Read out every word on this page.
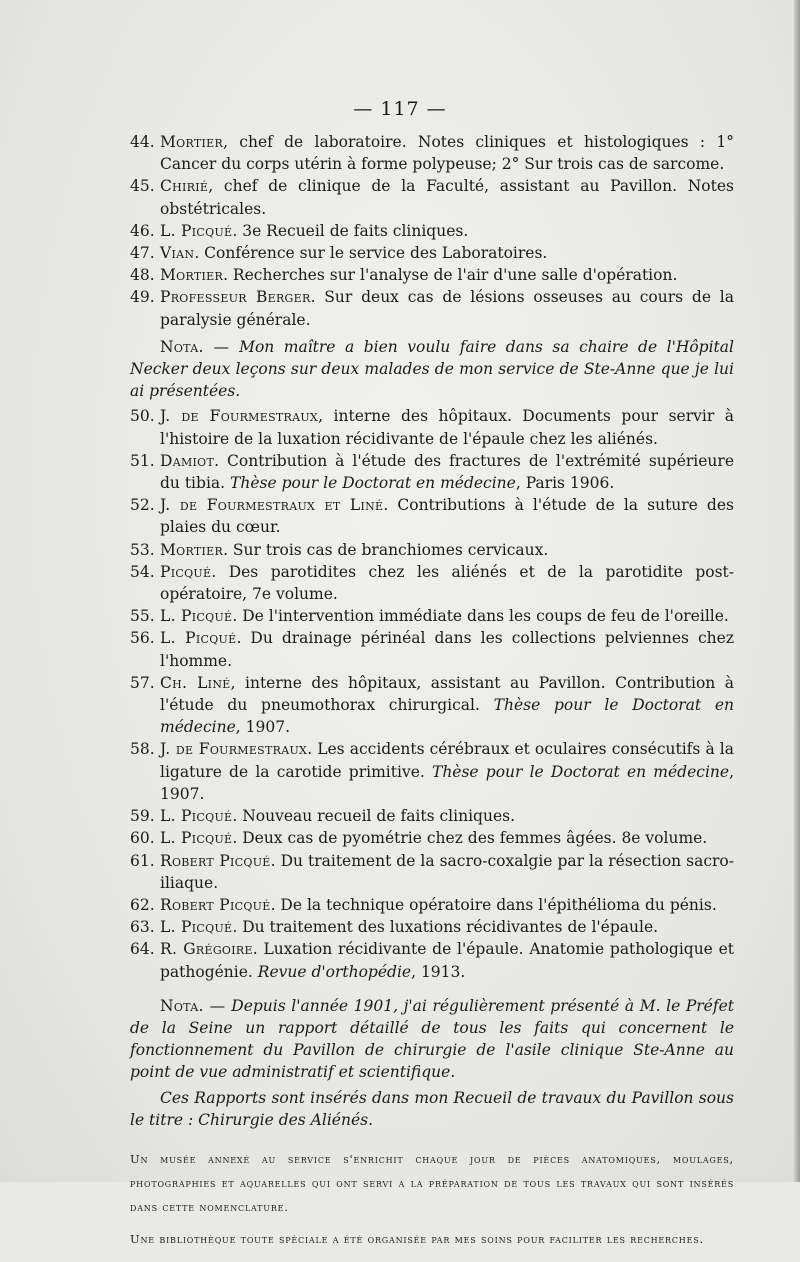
— 117 —
44. Mortier, chef de laboratoire. Notes cliniques et histologiques : 1° Cancer du corps utérin à forme polypeuse; 2° Sur trois cas de sarcome.
45. Chirié, chef de clinique de la Faculté, assistant au Pavillon. Notes obstétricales.
46. L. Picqué. 3e Recueil de faits cliniques.
47. Vian. Conférence sur le service des Laboratoires.
48. Mortier. Recherches sur l'analyse de l'air d'une salle d'opération.
49. Professeur Berger. Sur deux cas de lésions osseuses au cours de la paralysie générale.

Nota. — Mon maître a bien voulu faire dans sa chaire de l'Hôpital Necker deux leçons sur deux malades de mon service de Ste-Anne que je lui ai présentées.

50. J. de Fourmestraux, interne des hôpitaux. Documents pour servir à l'histoire de la luxation récidivante de l'épaule chez les aliénés.
51. Damiot. Contribution à l'étude des fractures de l'extrémité supérieure du tibia. Thèse pour le Doctorat en médecine, Paris 1906.
52. J. de Fourmestraux et Liné. Contributions à l'étude de la suture des plaies du cœur.
53. Mortier. Sur trois cas de branchiomes cervicaux.
54. Picqué. Des parotidites chez les aliénés et de la parotidite post-opératoire, 7e volume.
55. L. Picqué. De l'intervention immédiate dans les coups de feu de l'oreille.
56. L. Picqué. Du drainage périnéal dans les collections pelviennes chez l'homme.
57. Ch. Liné, interne des hôpitaux, assistant au Pavillon. Contribution à l'étude du pneumothorax chirurgical. Thèse pour le Doctorat en médecine, 1907.
58. J. de Fourmestraux. Les accidents cérébraux et oculaires consécutifs à la ligature de la carotide primitive. Thèse pour le Doctorat en médecine, 1907.
59. L. Picqué. Nouveau recueil de faits cliniques.
60. L. Picqué. Deux cas de pyométrie chez des femmes âgées. 8e volume.
61. Robert Picqué. Du traitement de la sacro-coxalgie par la résection sacro-iliaque.
62. Robert Picqué. De la technique opératoire dans l'épithélioma du pénis.
63. L. Picqué. Du traitement des luxations récidivantes de l'épaule.
64. R. Grégoire. Luxation récidivante de l'épaule. Anatomie pathologique et pathogénie. Revue d'orthopédie, 1913.

Nota. — Depuis l'année 1901, j'ai régulièrement présenté à M. le Préfet de la Seine un rapport détaillé de tous les faits qui concernent le fonctionnement du Pavillon de chirurgie de l'asile clinique Ste-Anne au point de vue administratif et scientifique.

Ces Rapports sont insérés dans mon Recueil de travaux du Pavillon sous le titre : Chirurgie des Aliénés.

Un musée annexé au service s'enrichit chaque jour de pièces anatomiques, moulages, photographies et aquarelles qui ont servi a la préparation de tous les travaux qui sont insérés dans cette nomenclature.

Une bibliothèque toute spéciale a été organisée par mes soins pour faciliter les recherches.
